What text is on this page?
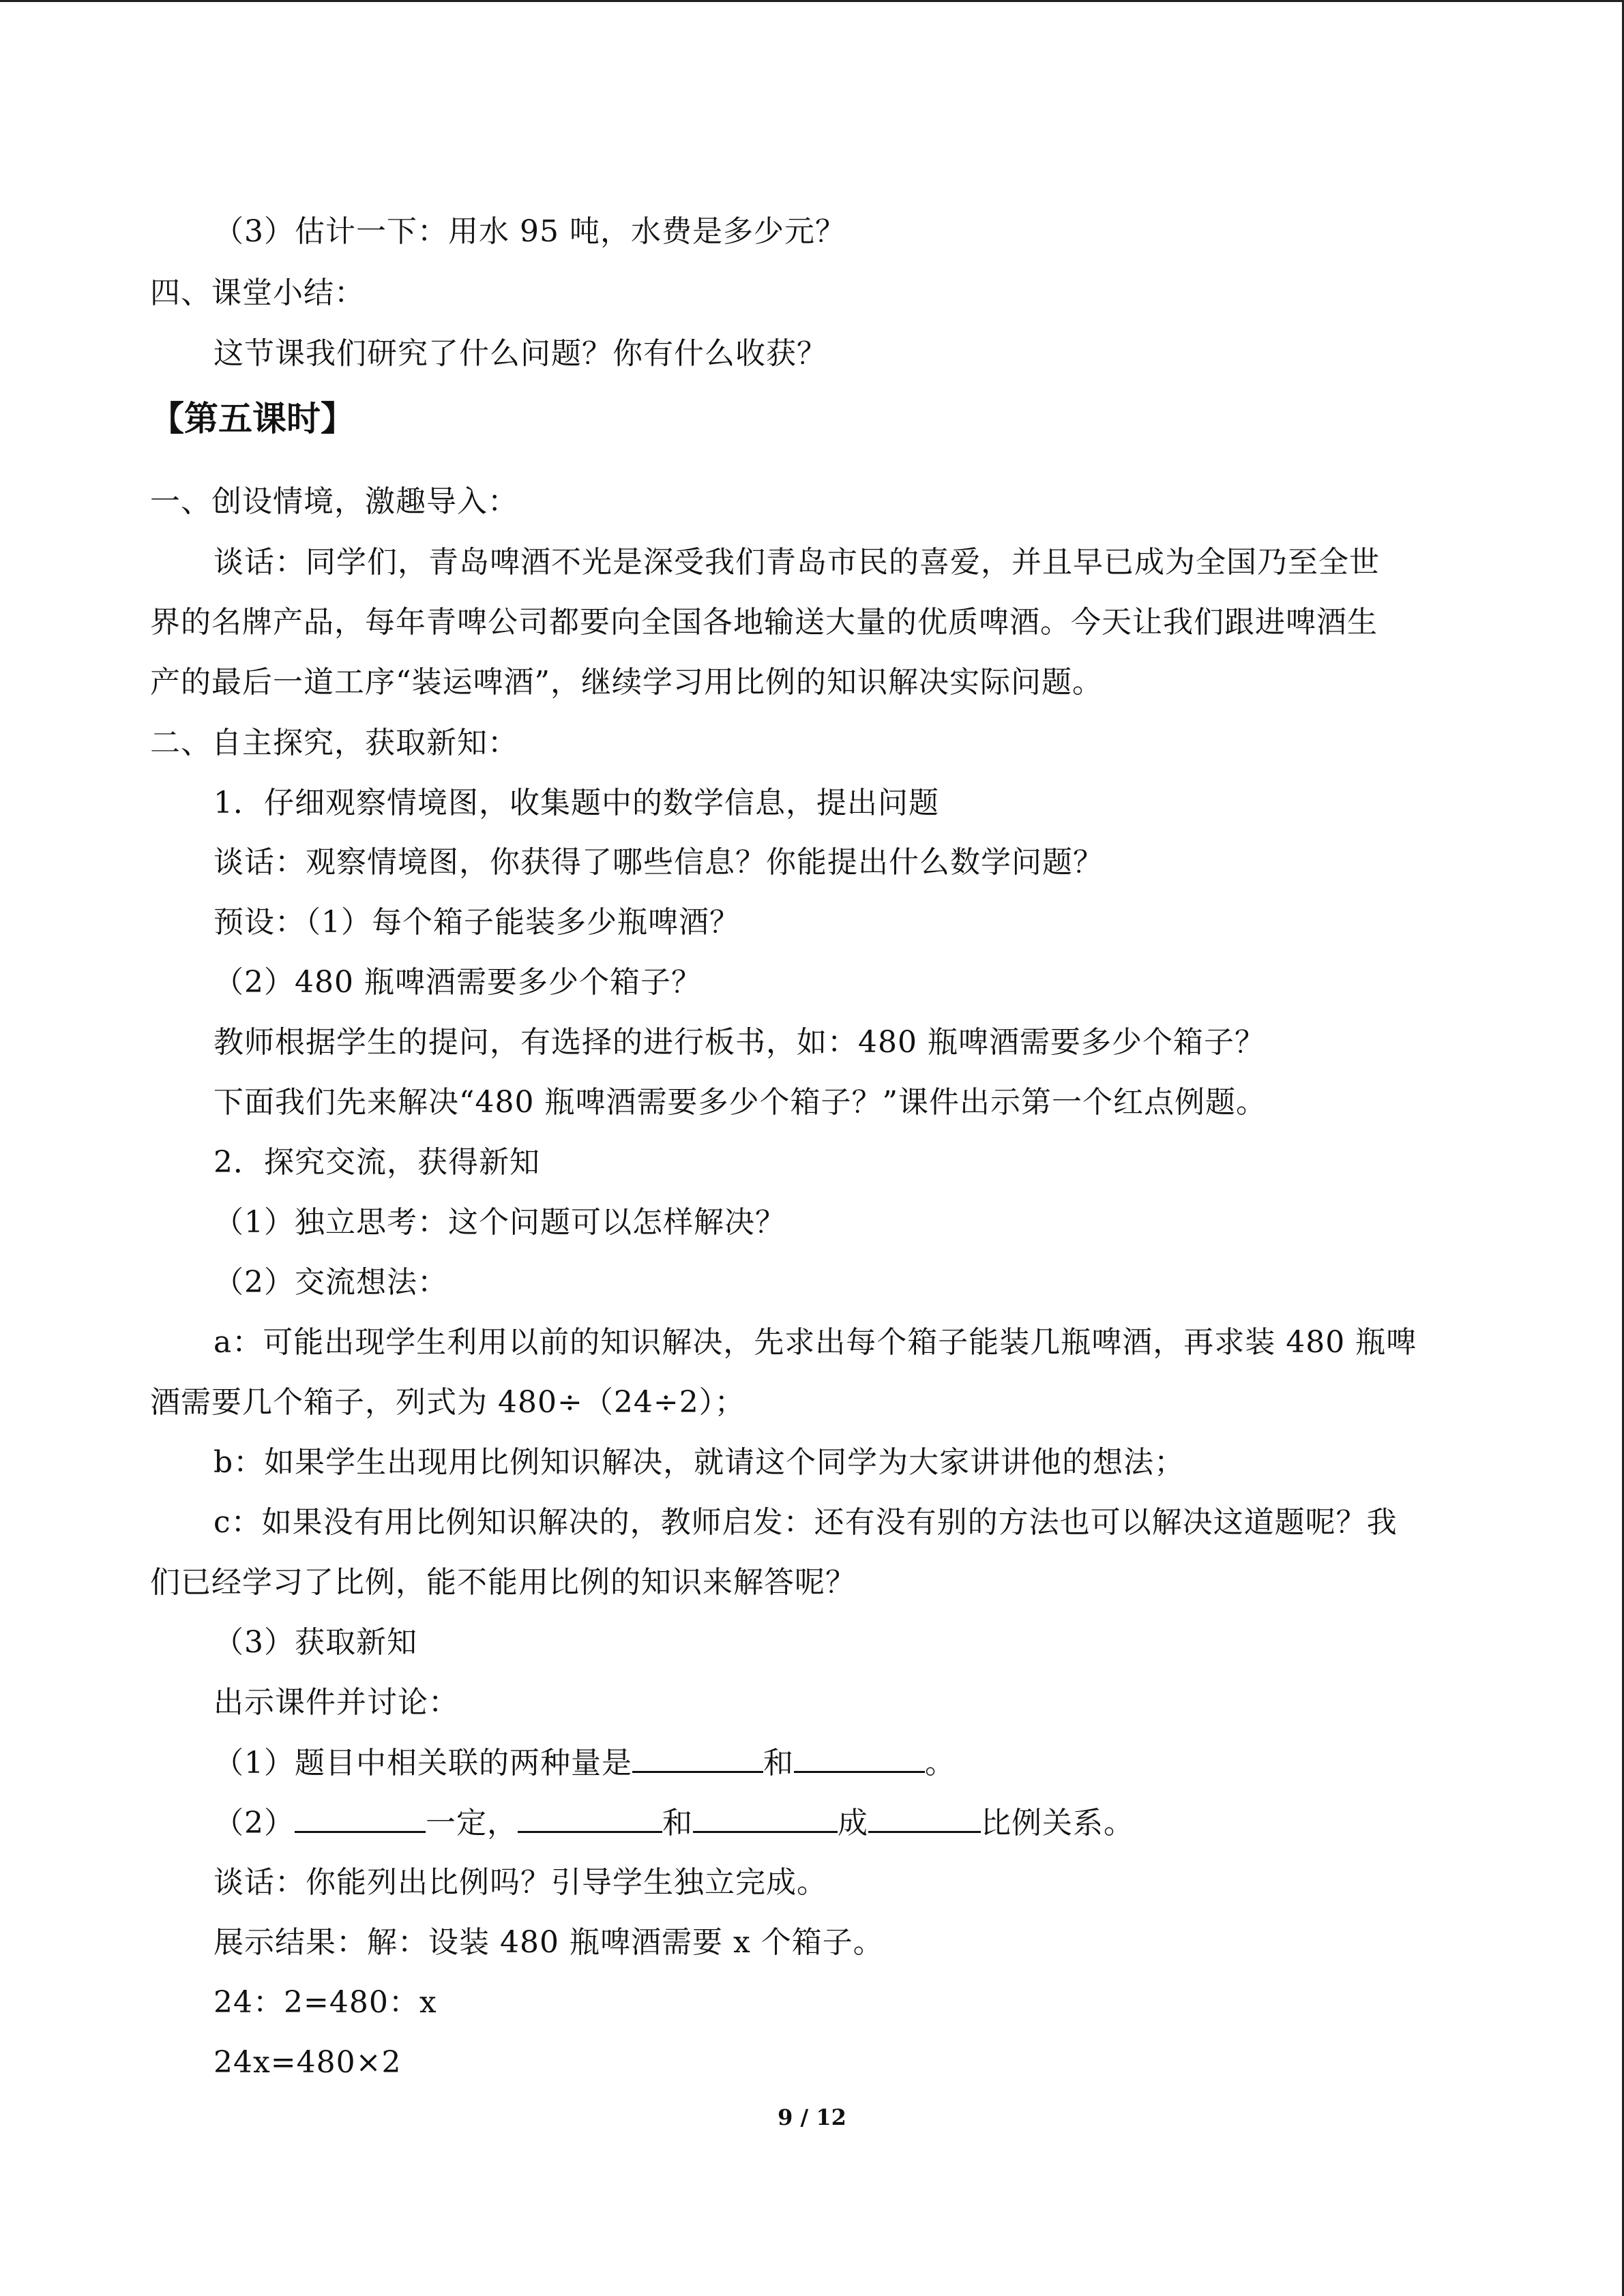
（3）估计一下：用水 95 吨，水费是多少元？
四、课堂小结：
这节课我们研究了什么问题？你有什么收获？
【第五课时】
一、创设情境，激趣导入：
谈话：同学们，青岛啤酒不光是深受我们青岛市民的喜爱，并且早已成为全国乃至全世
界的名牌产品，每年青啤公司都要向全国各地输送大量的优质啤酒。今天让我们跟进啤酒生
产的最后一道工序“装运啤酒”，继续学习用比例的知识解决实际问题。
二、自主探究，获取新知：
1．仔细观察情境图，收集题中的数学信息，提出问题
谈话：观察情境图，你获得了哪些信息？你能提出什么数学问题？
预设：（1）每个箱子能装多少瓶啤酒？
（2）480 瓶啤酒需要多少个箱子？
教师根据学生的提问，有选择的进行板书，如：480 瓶啤酒需要多少个箱子？
下面我们先来解决“480 瓶啤酒需要多少个箱子？”课件出示第一个红点例题。
2．探究交流，获得新知
（1）独立思考：这个问题可以怎样解决？
（2）交流想法：
a：可能出现学生利用以前的知识解决，先求出每个箱子能装几瓶啤酒，再求装 480 瓶啤
酒需要几个箱子，列式为 480÷（24÷2）；
b：如果学生出现用比例知识解决，就请这个同学为大家讲讲他的想法；
c：如果没有用比例知识解决的，教师启发：还有没有别的方法也可以解决这道题呢？我
们已经学习了比例，能不能用比例的知识来解答呢？
（3）获取新知
出示课件并讨论：
（1）题目中相关联的两种量是	和	。
（2）	一定，	和	成	比例关系。
谈话：你能列出比例吗？引导学生独立完成。
展示结果：解：设装 480 瓶啤酒需要 x 个箱子。
24：2=480：x
24x=480×2
9 / 12
